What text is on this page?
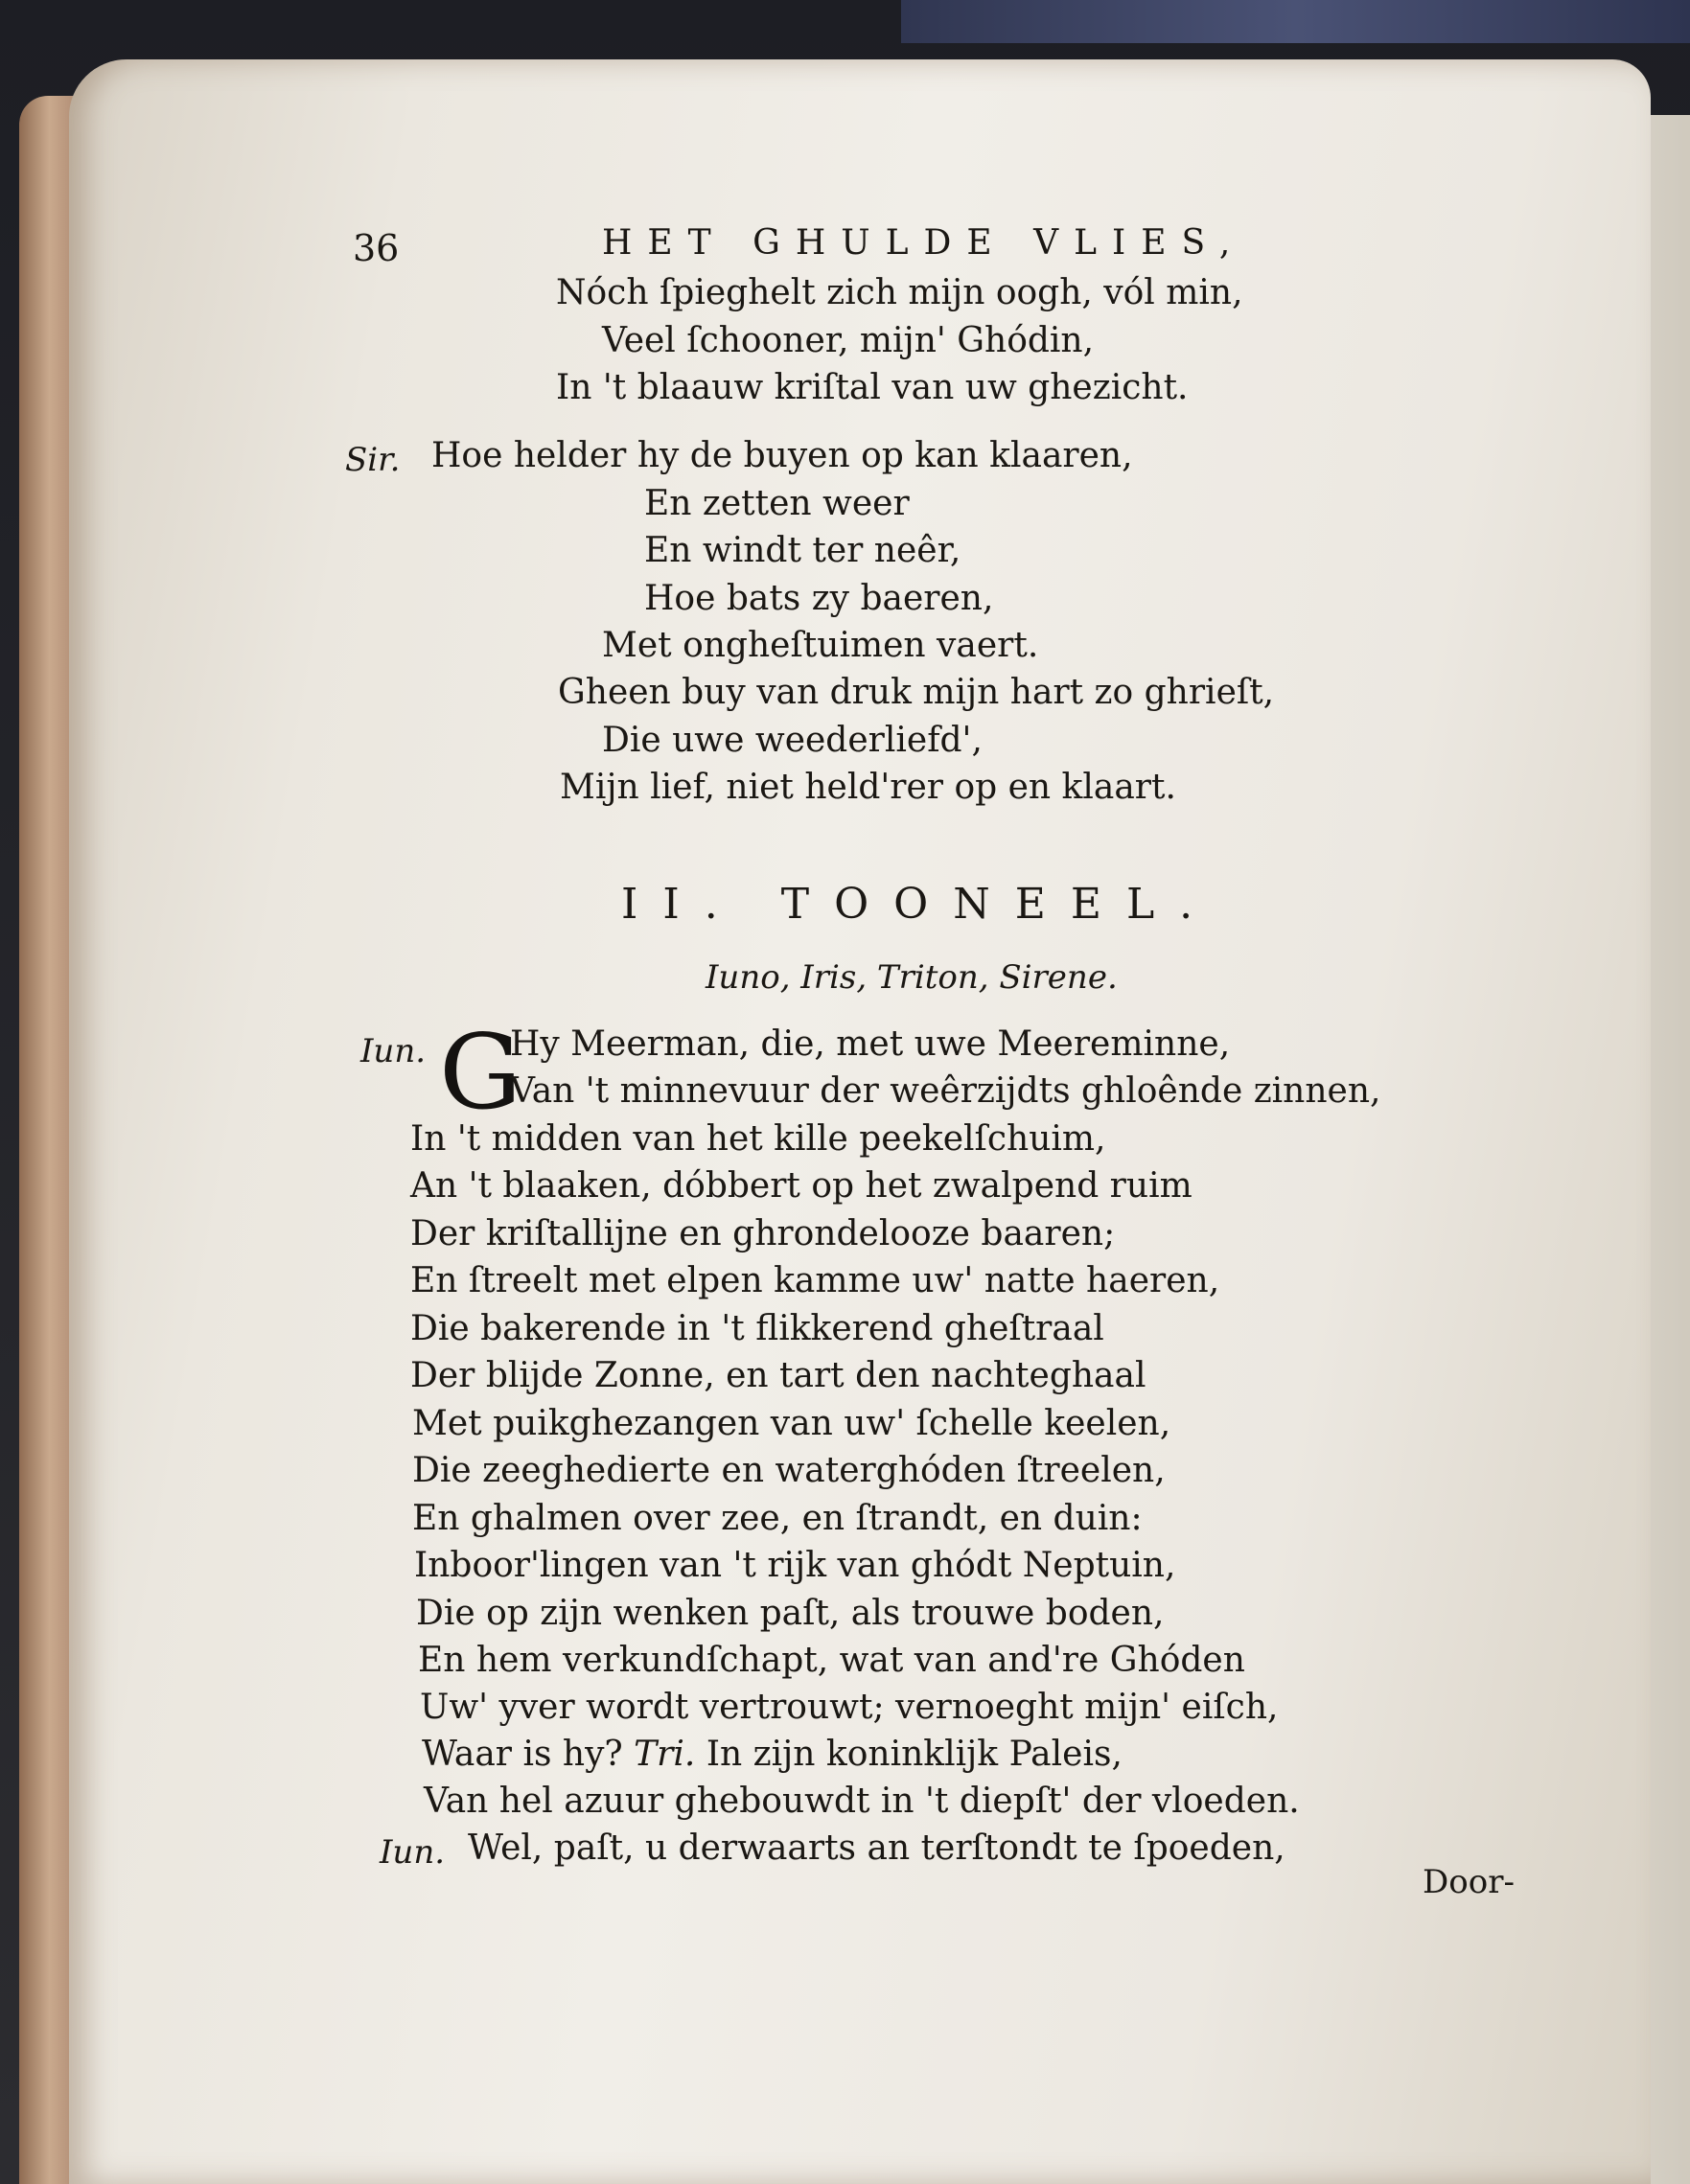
36	HET GHULDE VLIES,
Nóch ſpieghelt zich mijn oogh, vól min,
Veel ſchooner, mijn' Ghódin,
In 't blaauw kriſtal van uw ghezicht.
Sir. Hoe helder hy de buyen op kan klaaren,
En zetten weer
En windt ter neêr,
Hoe bats zy baeren,
Met ongheſtuimen vaert.
Gheen buy van druk mijn hart zo ghrieſt,
Die uwe weederliefd',
Mijn lief, niet held'rer op en klaart.
II. TOONEEL.
Iuno, Iris, Triton, Sirene.
Iun. G
Hy Meerman, die, met uwe Meereminne,
Van 't minnevuur der weêrzijdts ghloênde zinnen,
In 't midden van het kille peekelſchuim,
An 't blaaken, dóbbert op het zwalpend ruim
Der kriſtallijne en ghrondelooze baaren;
En ſtreelt met elpen kamme uw' natte haeren,
Die bakerende in 't flikkerend gheſtraal
Der blijde Zonne, en tart den nachteghaal
Met puikghezangen van uw' ſchelle keelen,
Die zeeghedierte en waterghóden ſtreelen,
En ghalmen over zee, en ſtrandt, en duin:
Inboor'lingen van 't rijk van ghódt Neptuin,
Die op zijn wenken paſt, als trouwe boden,
En hem verkundſchapt, wat van and're Ghóden
Uw' yver wordt vertrouwt; vernoeght mijn' eiſch,
Waar is hy? Tri. In zijn koninklijk Paleis,
Van hel azuur ghebouwdt in 't diepſt' der vloeden.
Iun. Wel, paſt, u derwaarts an terſtondt te ſpoeden,
Door-
